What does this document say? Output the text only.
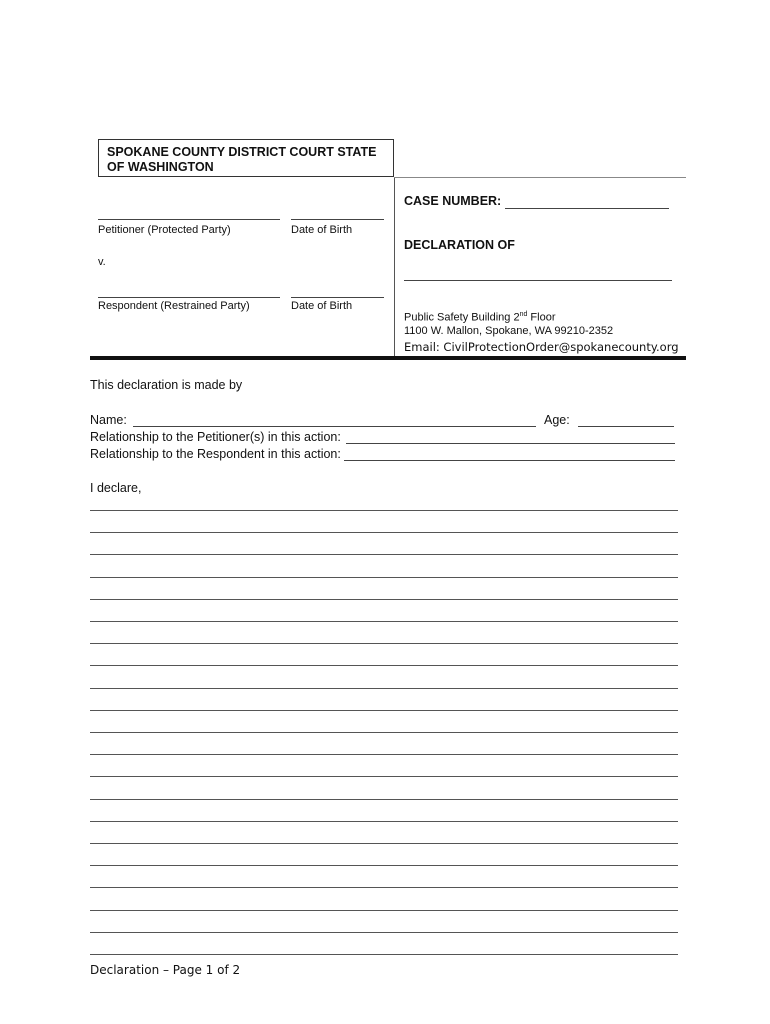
SPOKANE COUNTY DISTRICT COURT STATE OF WASHINGTON
Petitioner (Protected Party)	Date of Birth
v.
Respondent (Restrained Party)	Date of Birth
CASE NUMBER:
DECLARATION OF
Public Safety Building 2nd Floor
1100 W. Mallon, Spokane, WA 99210-2352
Email: CivilProtectionOrder@spokanecounty.org
This declaration is made by
Name:	Age:
Relationship to the Petitioner(s) in this action:
Relationship to the Respondent in this action:
I declare,
Declaration – Page 1 of 2
